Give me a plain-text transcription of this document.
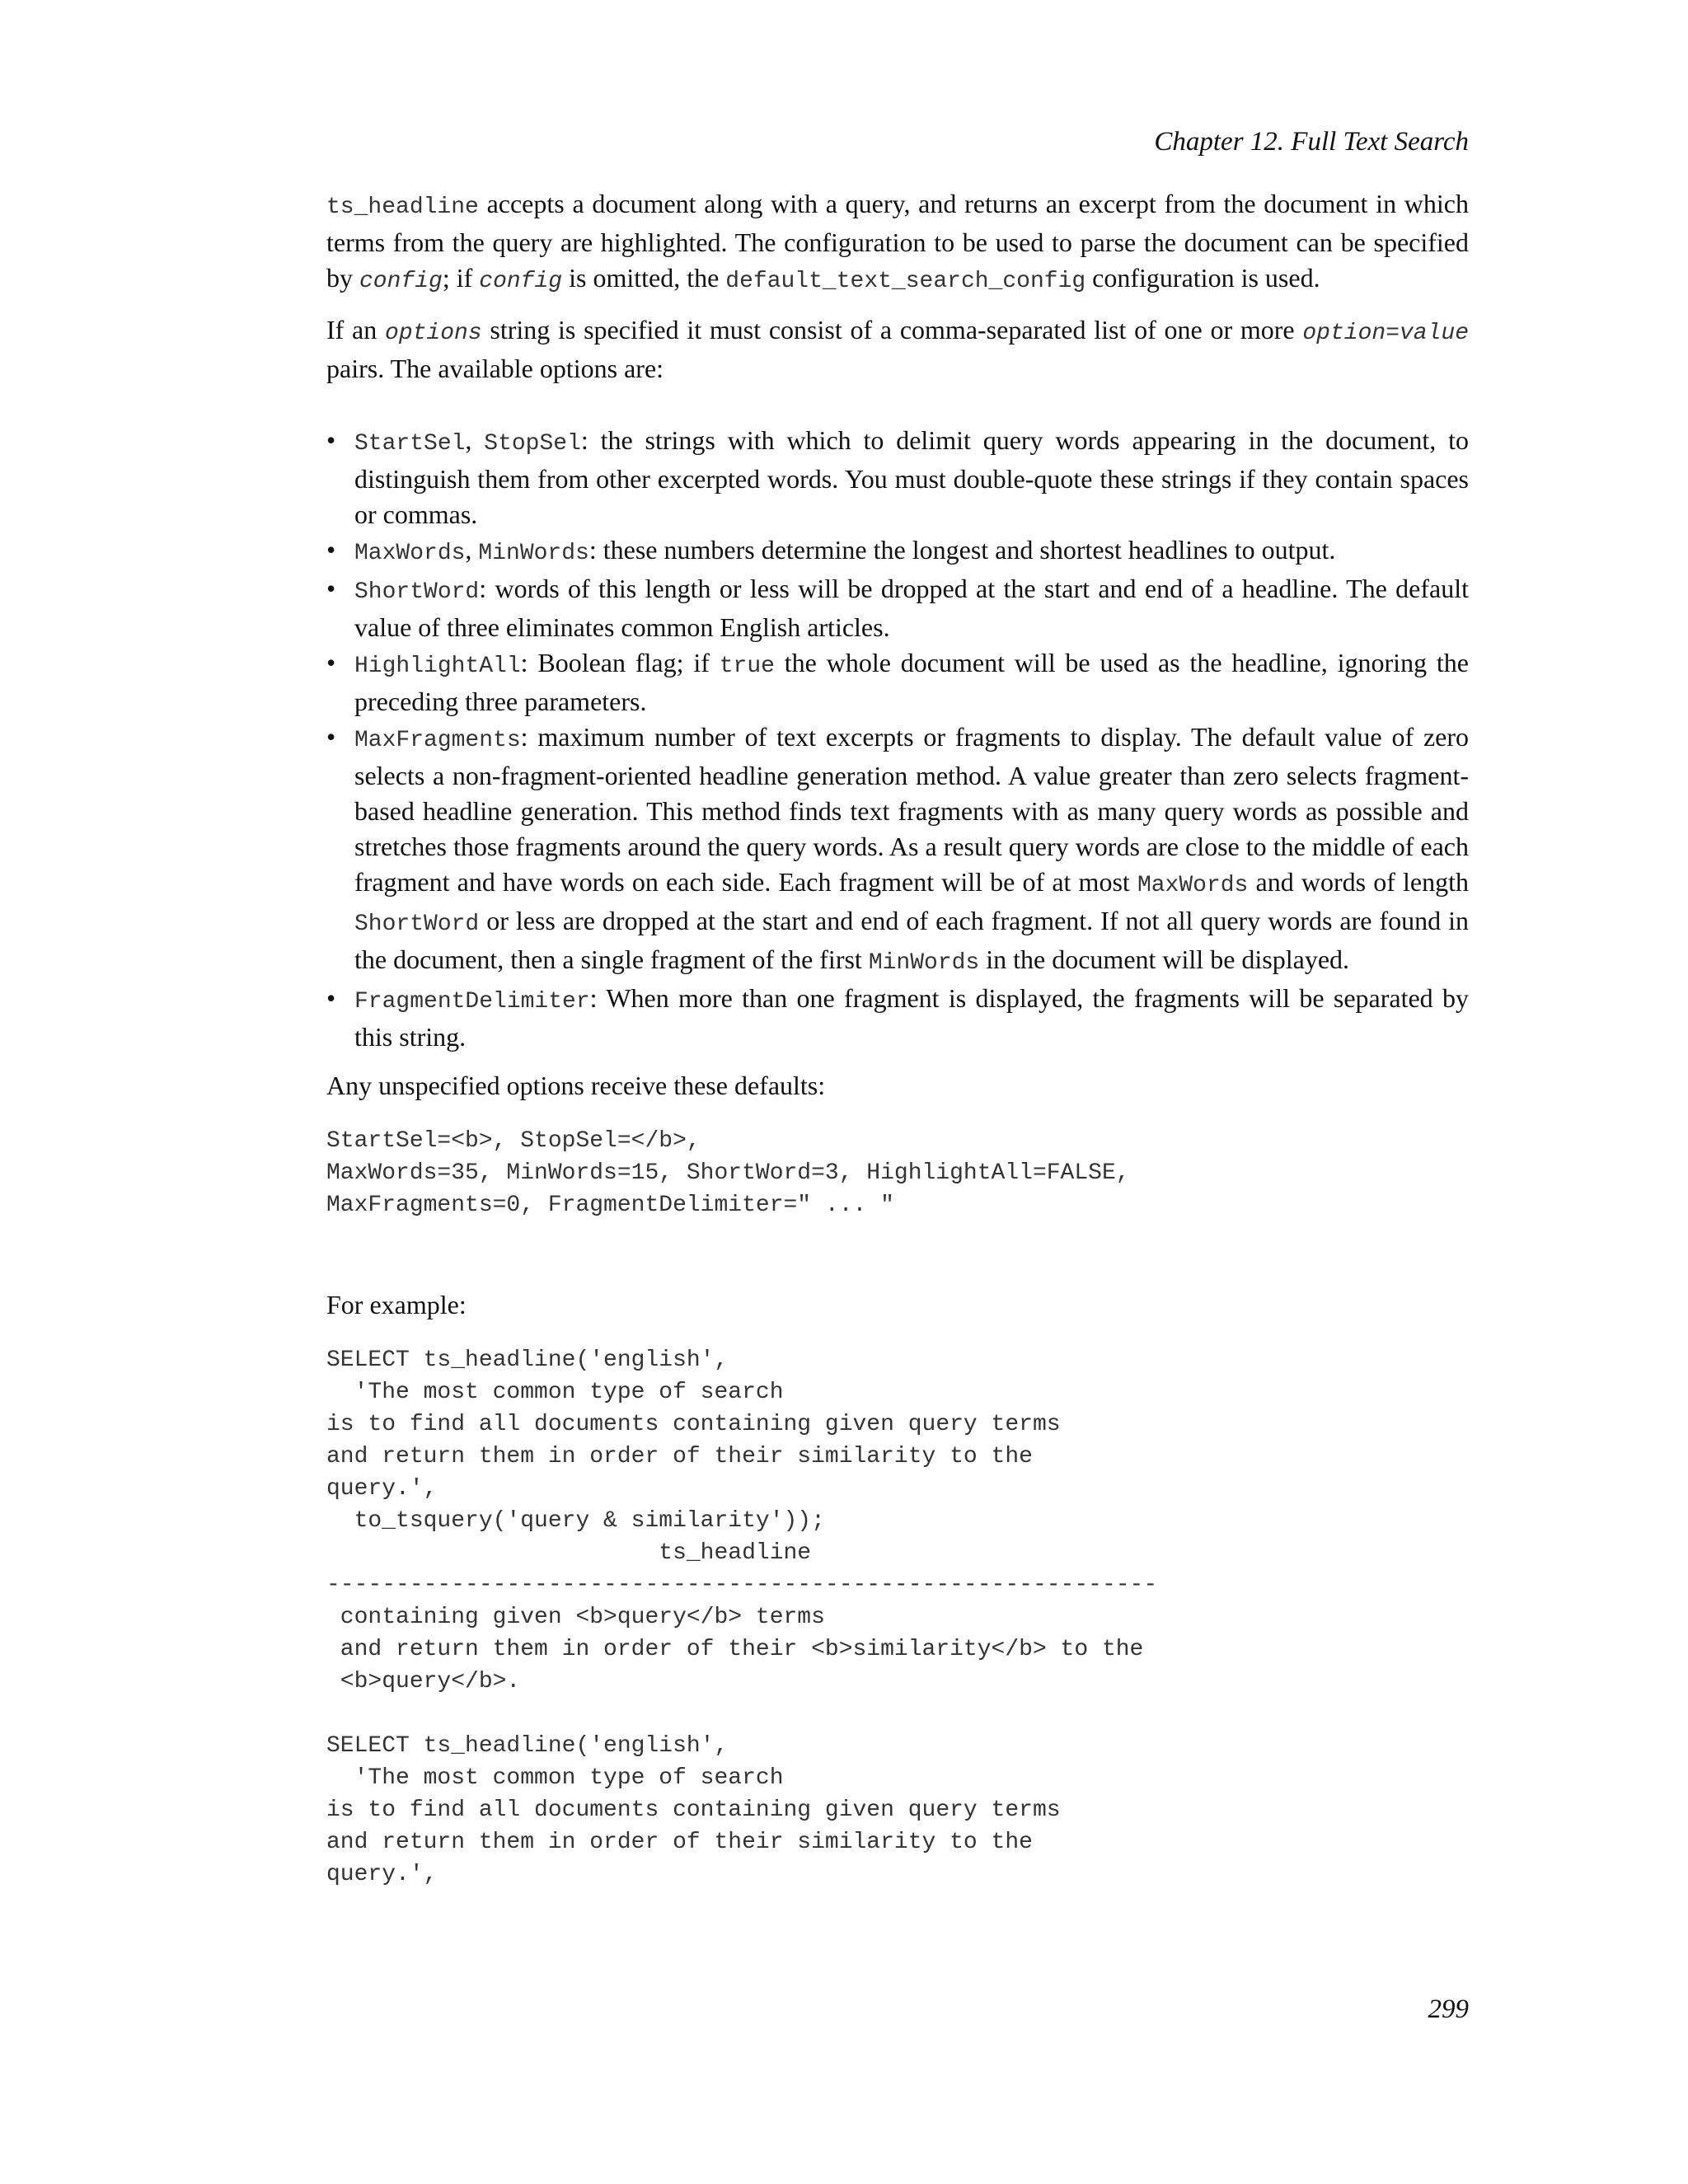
Chapter 12. Full Text Search

ts_headline accepts a document along with a query, and returns an excerpt from the document in which terms from the query are highlighted. The configuration to be used to parse the document can be specified by config; if config is omitted, the default_text_search_config configuration is used.

If an options string is specified it must consist of a comma-separated list of one or more option=value pairs. The available options are:

• StartSel, StopSel: the strings with which to delimit query words appearing in the document, to distinguish them from other excerpted words. You must double-quote these strings if they contain spaces or commas.
• MaxWords, MinWords: these numbers determine the longest and shortest headlines to output.
• ShortWord: words of this length or less will be dropped at the start and end of a headline. The default value of three eliminates common English articles.
• HighlightAll: Boolean flag; if true the whole document will be used as the headline, ignoring the preceding three parameters.
• MaxFragments: maximum number of text excerpts or fragments to display. The default value of zero selects a non-fragment-oriented headline generation method. A value greater than zero selects fragment-based headline generation. This method finds text fragments with as many query words as possible and stretches those fragments around the query words. As a result query words are close to the middle of each fragment and have words on each side. Each fragment will be of at most MaxWords and words of length ShortWord or less are dropped at the start and end of each fragment. If not all query words are found in the document, then a single fragment of the first MinWords in the document will be displayed.
• FragmentDelimiter: When more than one fragment is displayed, the fragments will be separated by this string.

Any unspecified options receive these defaults:

StartSel=<b>, StopSel=</b>,
MaxWords=35, MinWords=15, ShortWord=3, HighlightAll=FALSE,
MaxFragments=0, FragmentDelimiter=" ... "

For example:

SELECT ts_headline('english',
'The most common type of search
is to find all documents containing given query terms
and return them in order of their similarity to the
query.',
to_tsquery('query & similarity'));
ts_headline
------------------------------------------------------------
containing given <b>query</b> terms
and return them in order of their <b>similarity</b> to the
<b>query</b>.
SELECT ts_headline('english',
'The most common type of search
is to find all documents containing given query terms
and return them in order of their similarity to the
query.',
299
